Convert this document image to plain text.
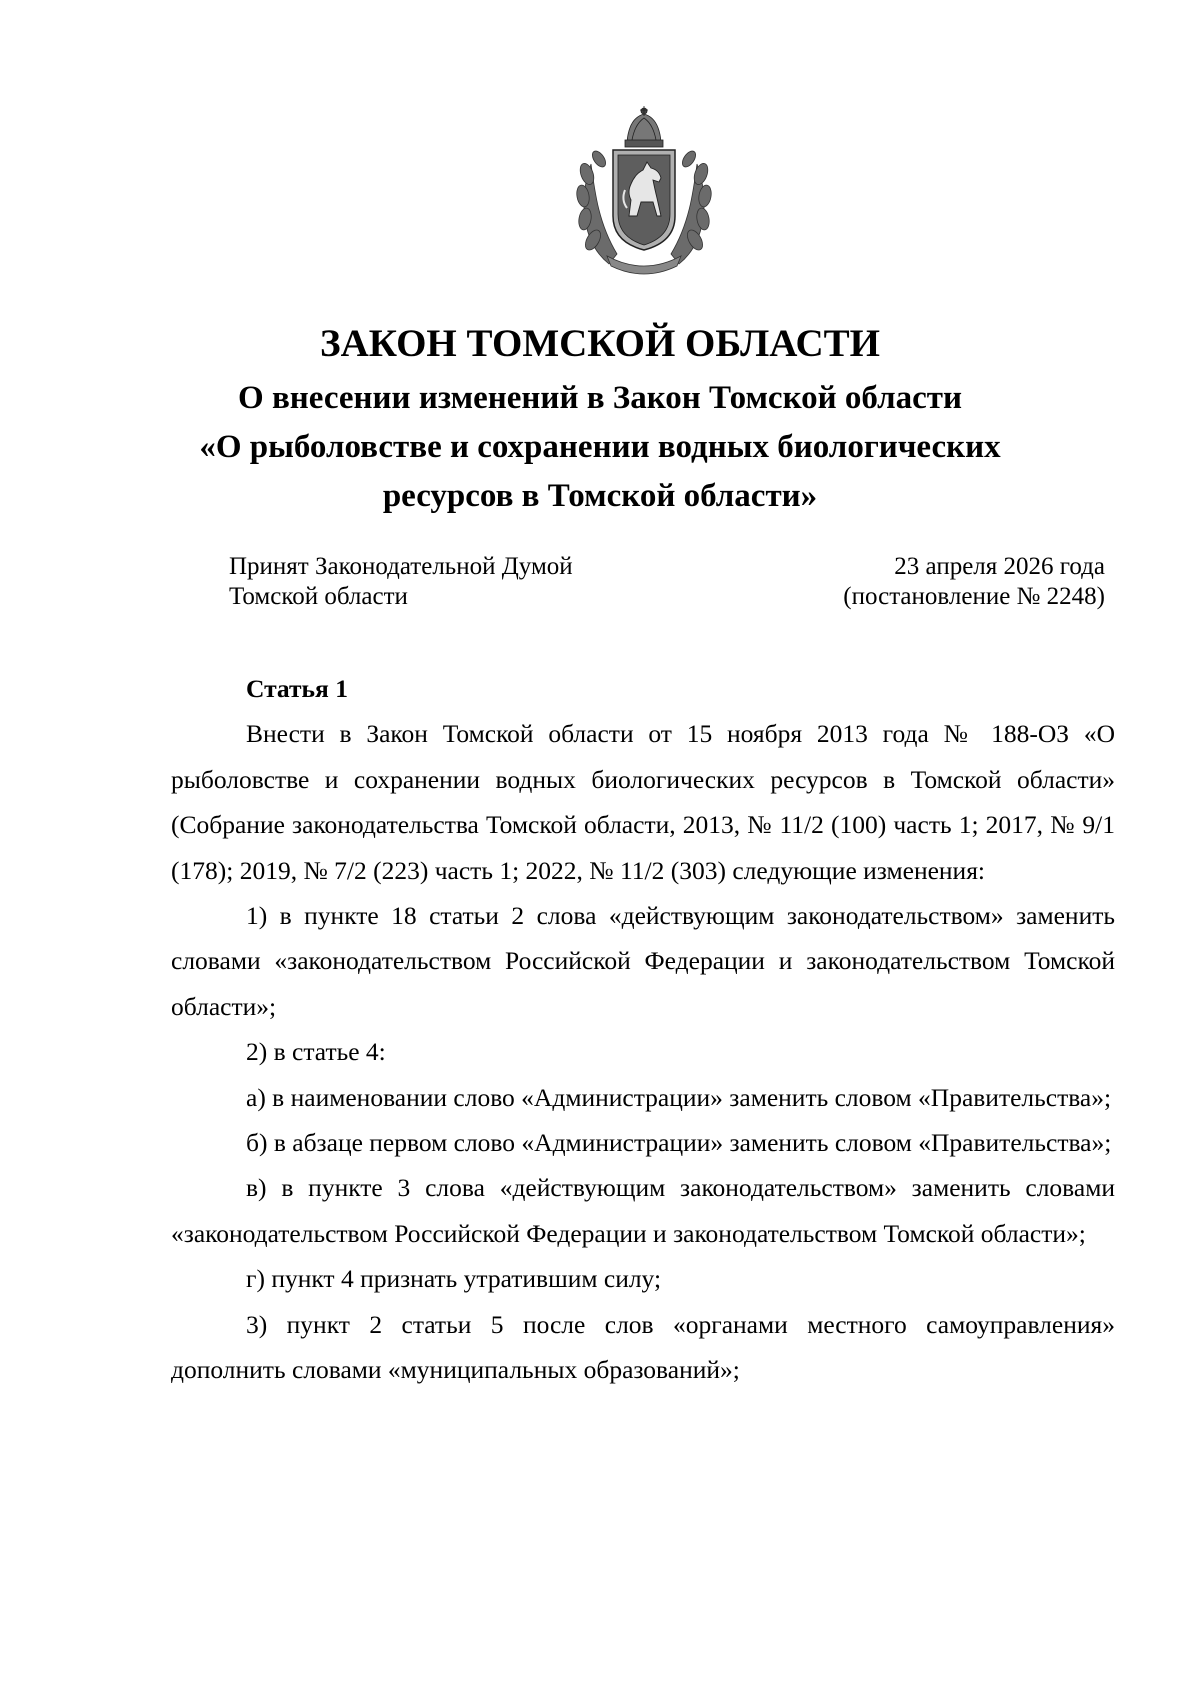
ЗАКОН ТОМСКОЙ ОБЛАСТИ
О внесении изменений в Закон Томской области
«О рыболовстве и сохранении водных биологических
ресурсов в Томской области»
Принят Законодательной Думой
Томской области
23 апреля 2026 года
(постановление № 2248)

Статья 1

Внести в Закон Томской области от 15 ноября 2013 года № 188-ОЗ «О рыболовстве и сохранении водных биологических ресурсов в Томской области» (Собрание законодательства Томской области, 2013, № 11/2 (100) часть 1; 2017, № 9/1 (178); 2019, № 7/2 (223) часть 1; 2022, № 11/2 (303) следующие изменения:

1) в пункте 18 статьи 2 слова «действующим законодательством» заменить словами «законодательством Российской Федерации и законодательством Томской области»;

2) в статье 4:

а) в наименовании слово «Администрации» заменить словом «Правительства»;

б) в абзаце первом слово «Администрации» заменить словом «Правительства»;

в) в пункте 3 слова «действующим законодательством» заменить словами «законодательством Российской Федерации и законодательством Томской области»;

г) пункт 4 признать утратившим силу;

3) пункт 2 статьи 5 после слов «органами местного самоуправления» дополнить словами «муниципальных образований»;
